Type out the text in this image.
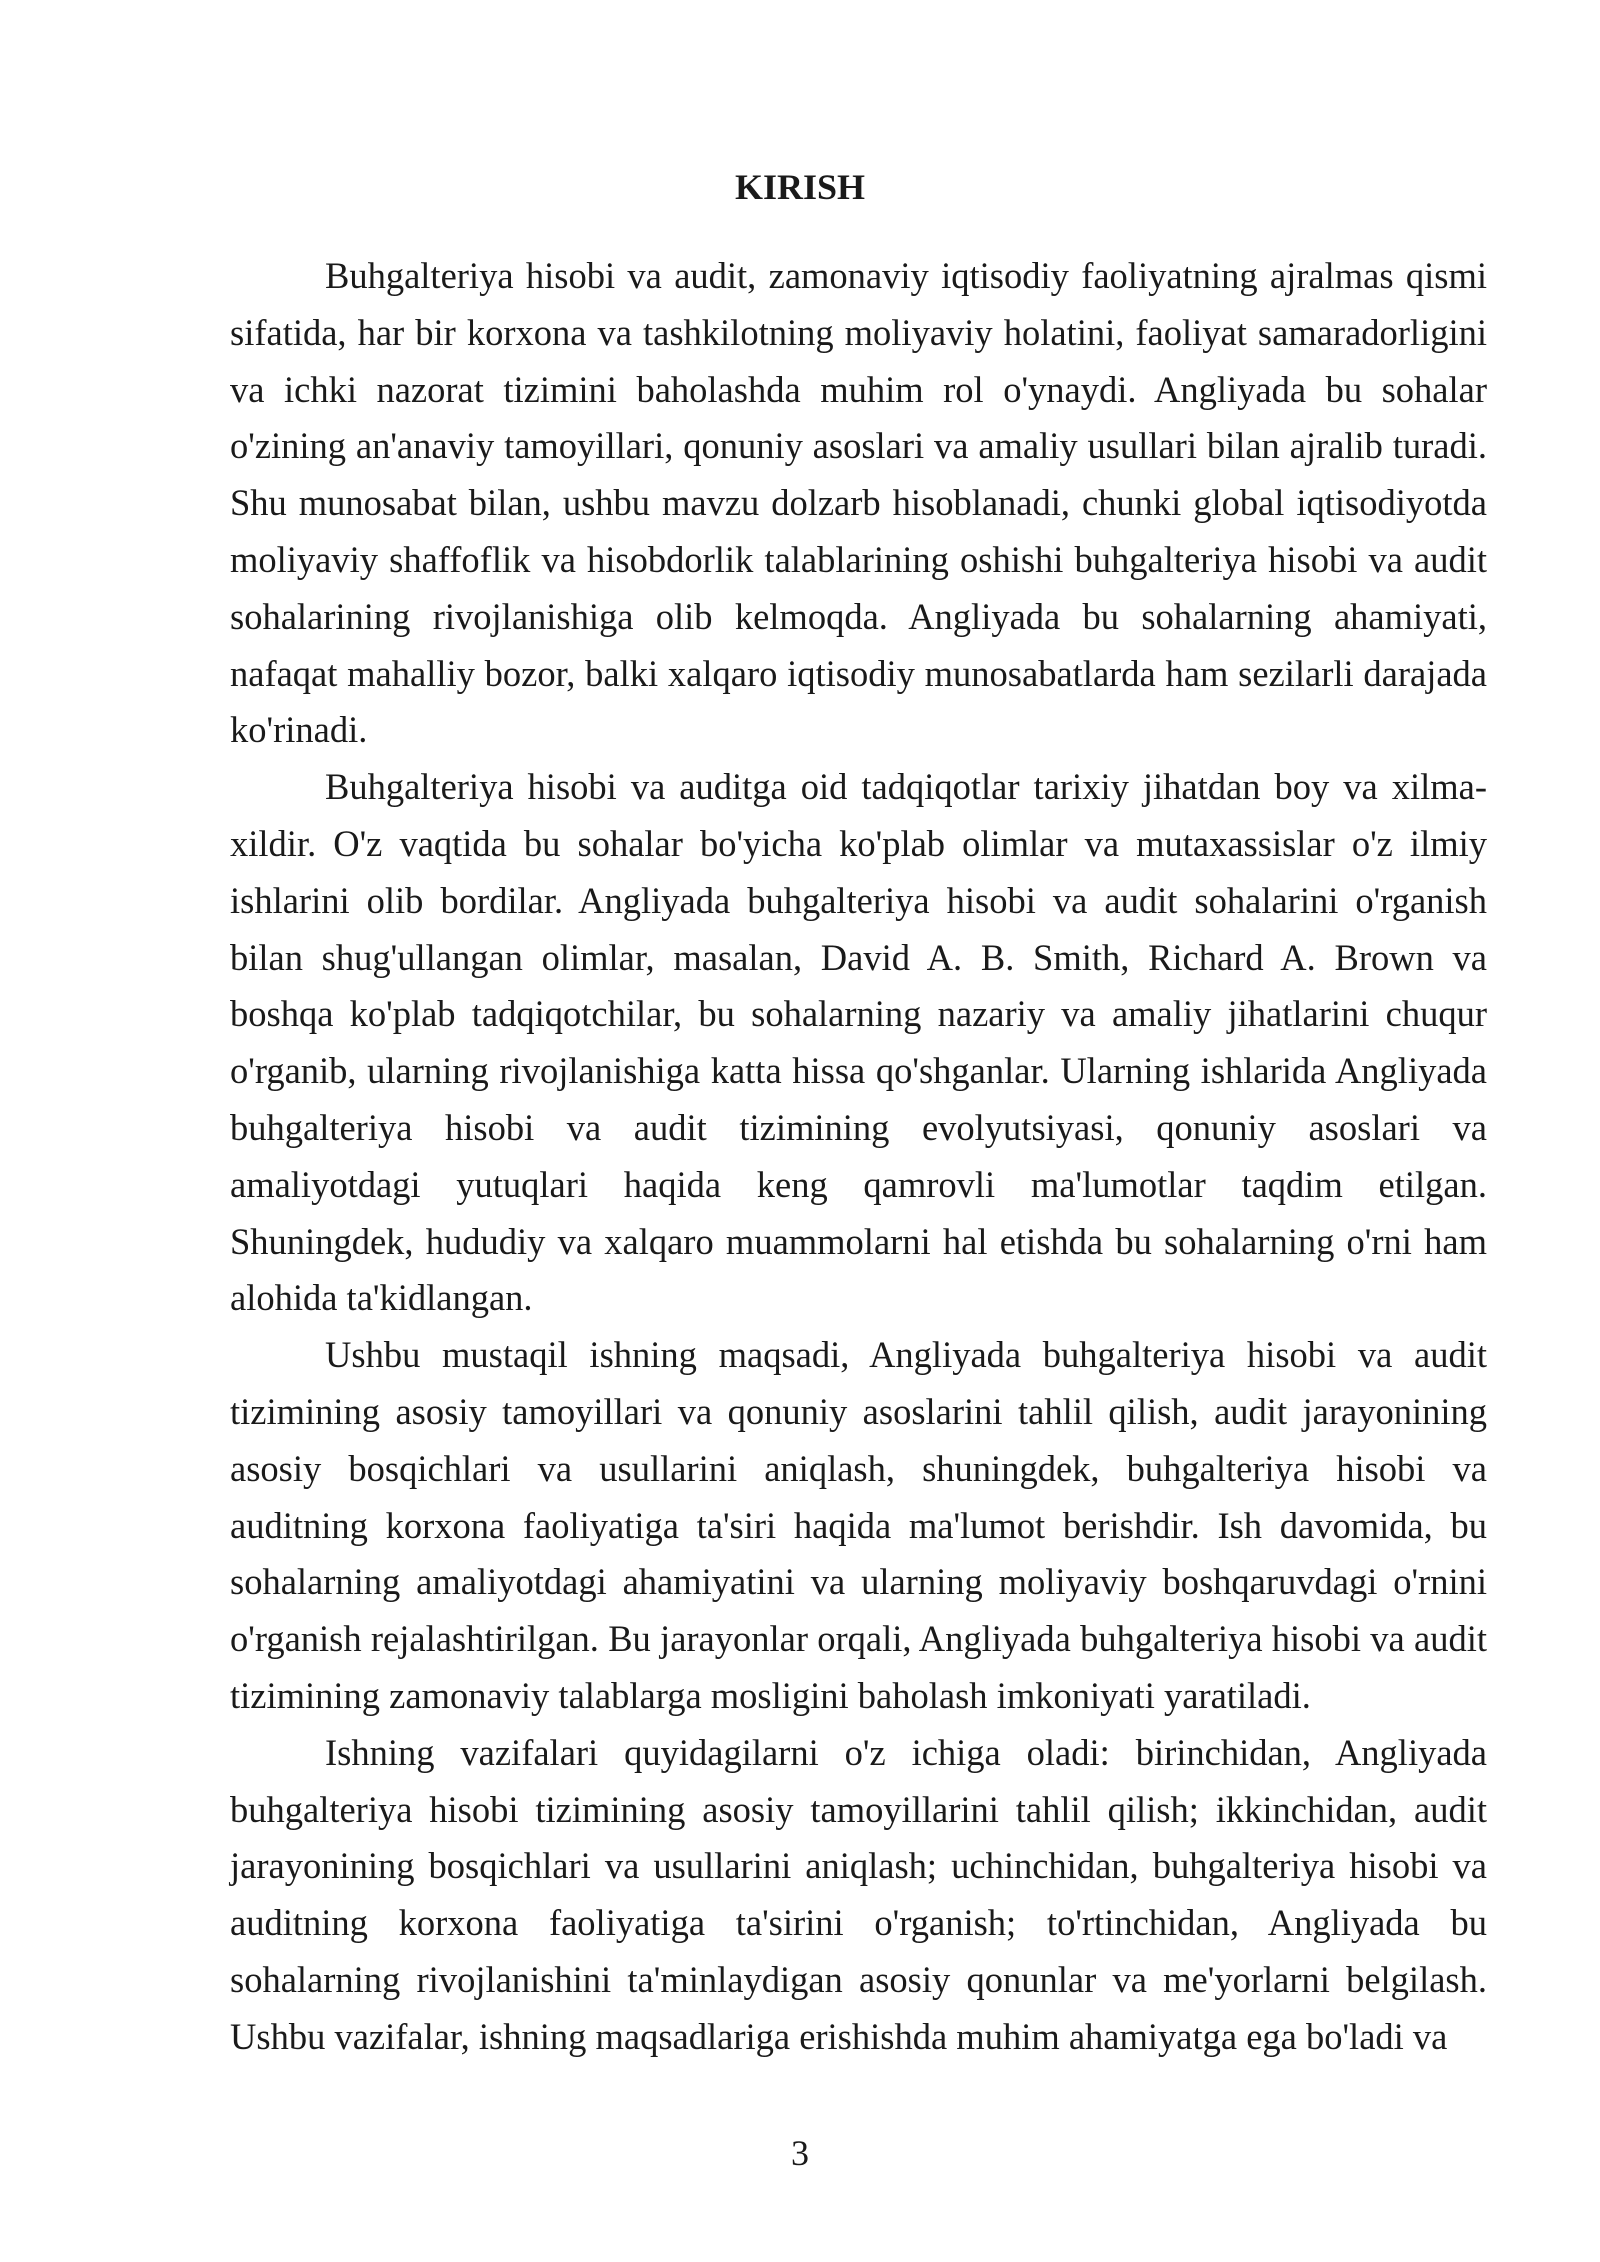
KIRISH

Buhgalteriya hisobi va audit, zamonaviy iqtisodiy faoliyatning ajralmas qismi sifatida, har bir korxona va tashkilotning moliyaviy holatini, faoliyat samaradorligini va ichki nazorat tizimini baholashda muhim rol o'ynaydi. Angliyada bu sohalar o'zining an'anaviy tamoyillari, qonuniy asoslari va amaliy usullari bilan ajralib turadi. Shu munosabat bilan, ushbu mavzu dolzarb hisoblanadi, chunki global iqtisodiyotda moliyaviy shaffoflik va hisobdorlik talablarining oshishi buhgalteriya hisobi va audit sohalarining rivojlanishiga olib kelmoqda. Angliyada bu sohalarning ahamiyati, nafaqat mahalliy bozor, balki xalqaro iqtisodiy munosabatlarda ham sezilarli darajada ko'rinadi.

Buhgalteriya hisobi va auditga oid tadqiqotlar tarixiy jihatdan boy va xilma-xildir. O'z vaqtida bu sohalar bo'yicha ko'plab olimlar va mutaxassislar o'z ilmiy ishlarini olib bordilar. Angliyada buhgalteriya hisobi va audit sohalarini o'rganish bilan shug'ullangan olimlar, masalan, David A. B. Smith, Richard A. Brown va boshqa ko'plab tadqiqotchilar, bu sohalarning nazariy va amaliy jihatlarini chuqur o'rganib, ularning rivojlanishiga katta hissa qo'shganlar. Ularning ishlarida Angliyada buhgalteriya hisobi va audit tizimining evolyutsiyasi, qonuniy asoslari va amaliyotdagi yutuqlari haqida keng qamrovli ma'lumotlar taqdim etilgan. Shuningdek, hududiy va xalqaro muammolarni hal etishda bu sohalarning o'rni ham alohida ta'kidlangan.

Ushbu mustaqil ishning maqsadi, Angliyada buhgalteriya hisobi va audit tizimining asosiy tamoyillari va qonuniy asoslarini tahlil qilish, audit jarayonining asosiy bosqichlari va usullarini aniqlash, shuningdek, buhgalteriya hisobi va auditning korxona faoliyatiga ta'siri haqida ma'lumot berishdir. Ish davomida, bu sohalarning amaliyotdagi ahamiyatini va ularning moliyaviy boshqaruvdagi o'rnini o'rganish rejalashtirilgan. Bu jarayonlar orqali, Angliyada buhgalteriya hisobi va audit tizimining zamonaviy talablarga mosligini baholash imkoniyati yaratiladi.

Ishning vazifalari quyidagilarni o'z ichiga oladi: birinchidan, Angliyada buhgalteriya hisobi tizimining asosiy tamoyillarini tahlil qilish; ikkinchidan, audit jarayonining bosqichlari va usullarini aniqlash; uchinchidan, buhgalteriya hisobi va auditning korxona faoliyatiga ta'sirini o'rganish; to'rtinchidan, Angliyada bu sohalarning rivojlanishini ta'minlaydigan asosiy qonunlar va me'yorlarni belgilash. Ushbu vazifalar, ishning maqsadlariga erishishda muhim ahamiyatga ega bo'ladi va

3
